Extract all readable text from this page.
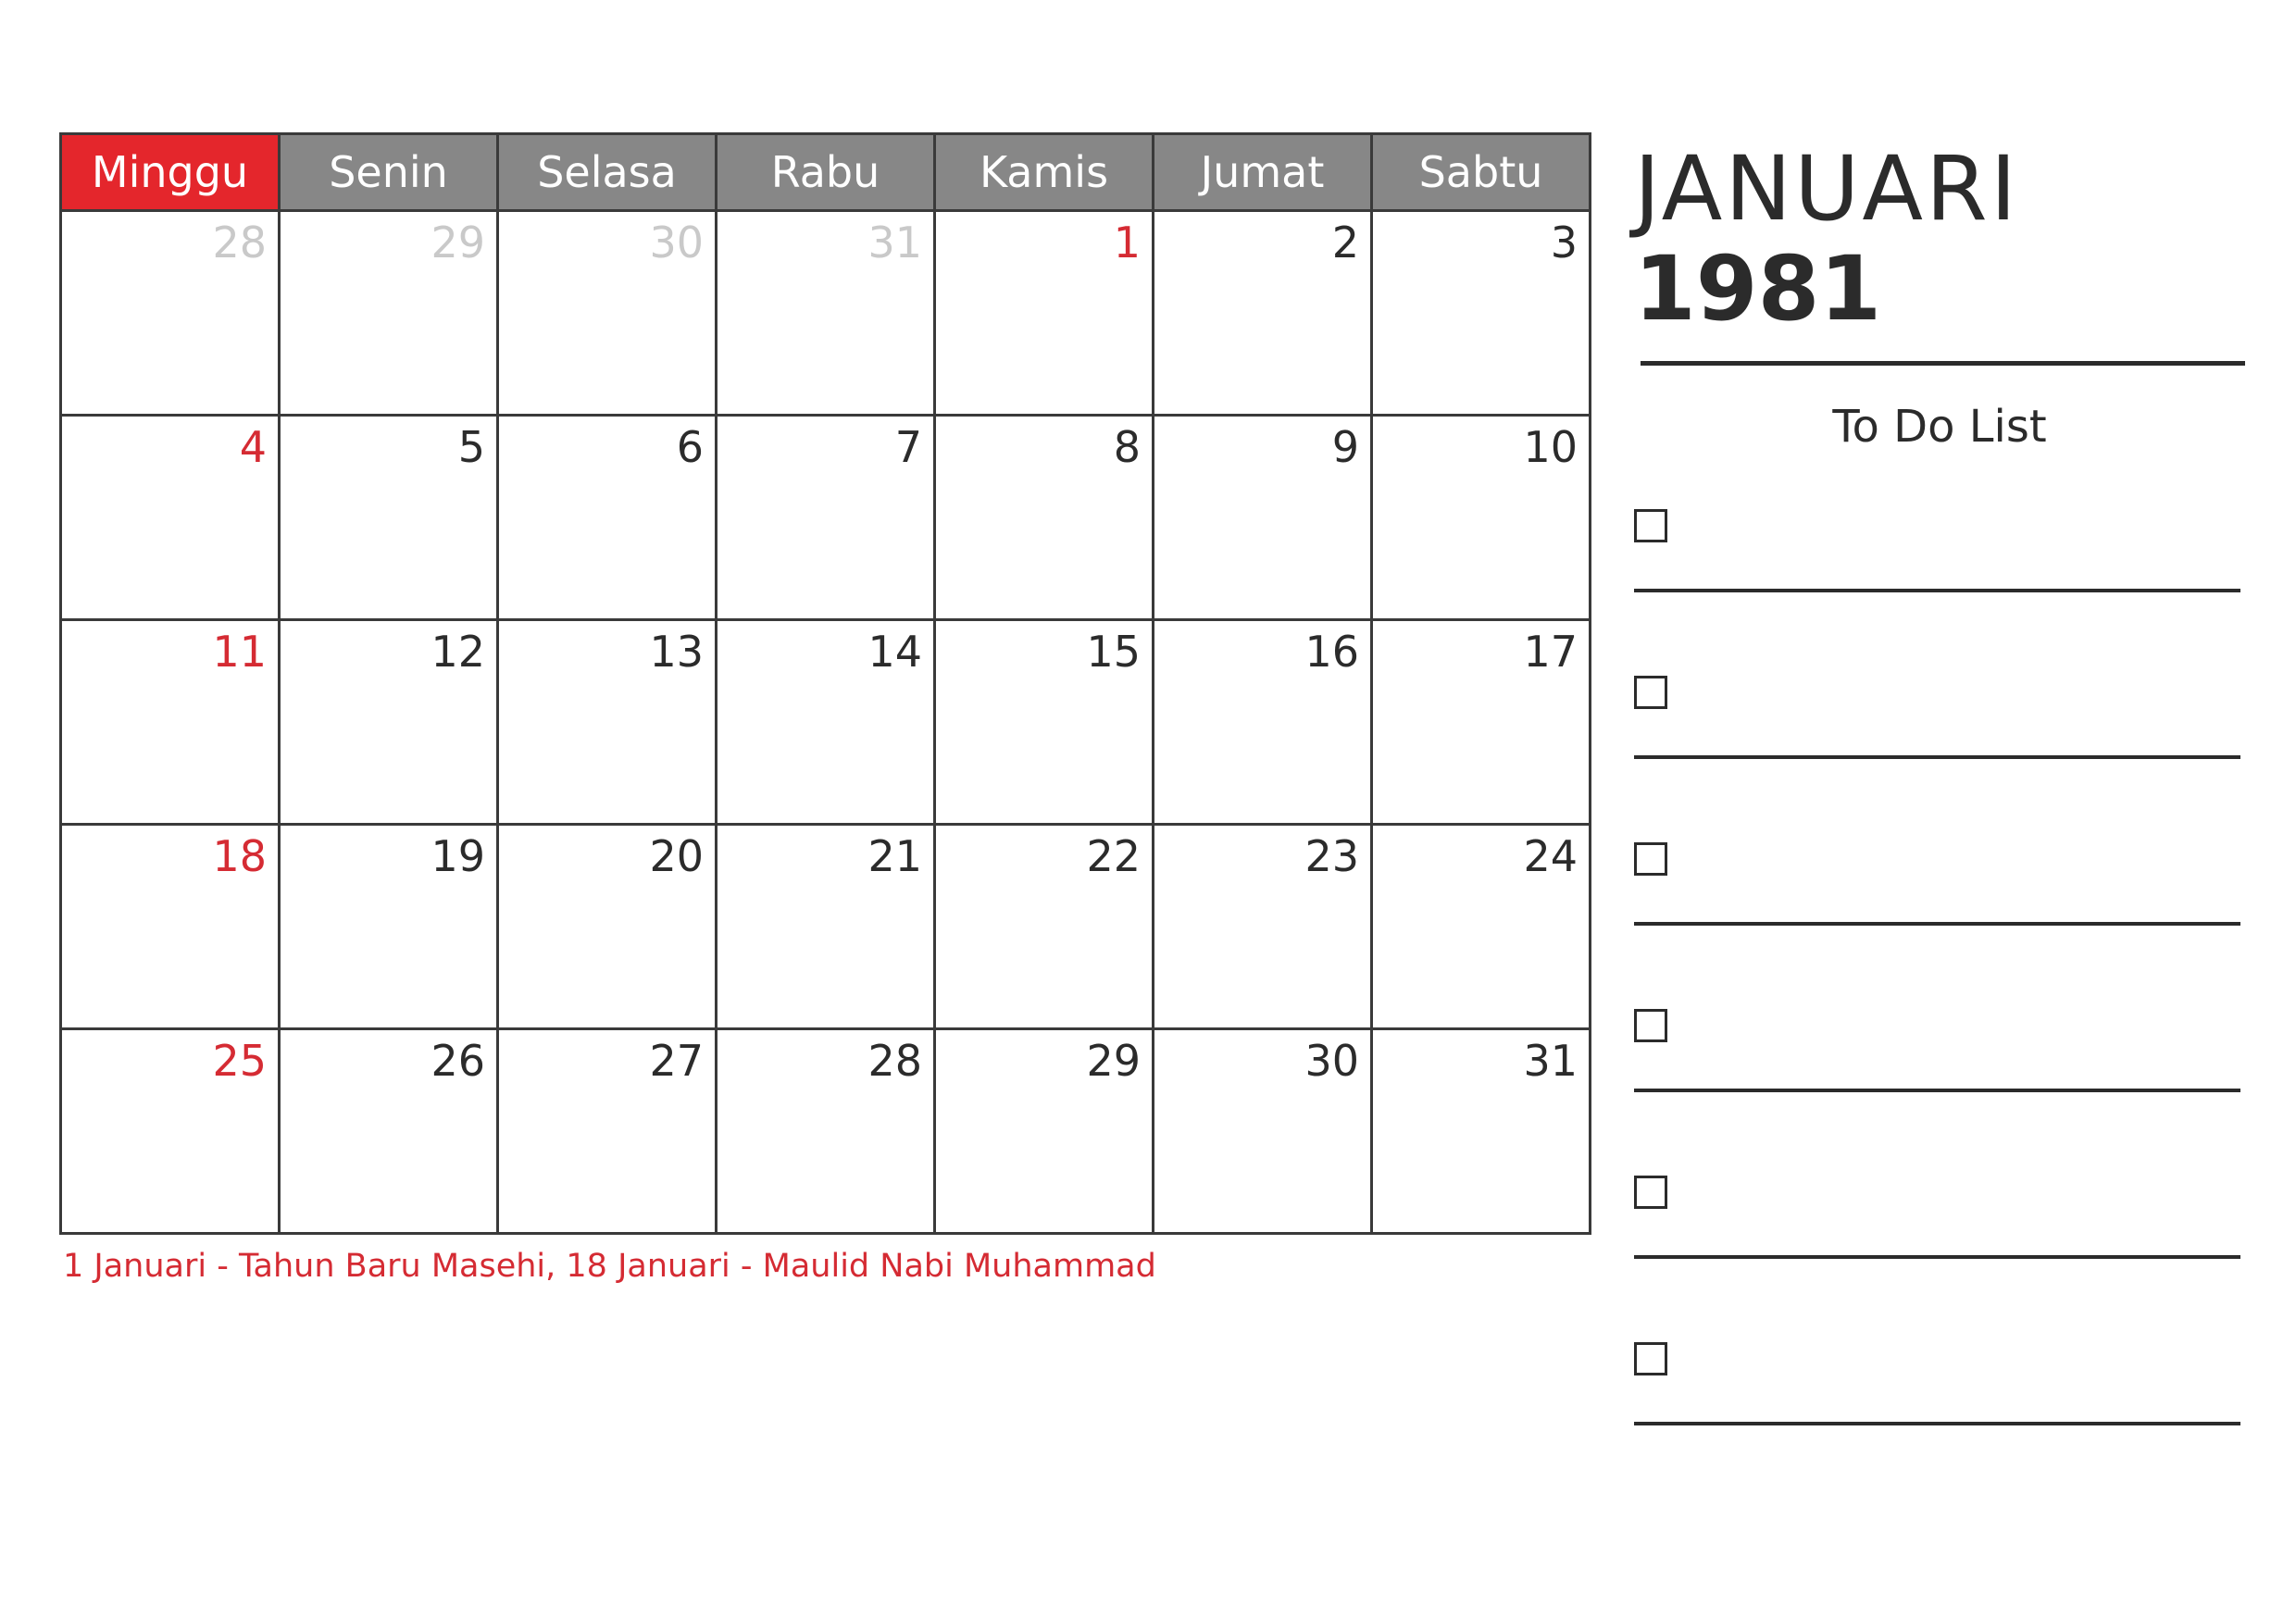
Minggu	Senin	Selasa	Rabu	Kamis	Jumat	Sabtu
28	29	30	31	1	2	3
4	5	6	7	8	9	10
11	12	13	14	15	16	17
18	19	20	21	22	23	24
25	26	27	28	29	30	31
1 Januari - Tahun Baru Masehi, 18 Januari - Maulid Nabi Muhammad

JANUARI

1981

To Do List
